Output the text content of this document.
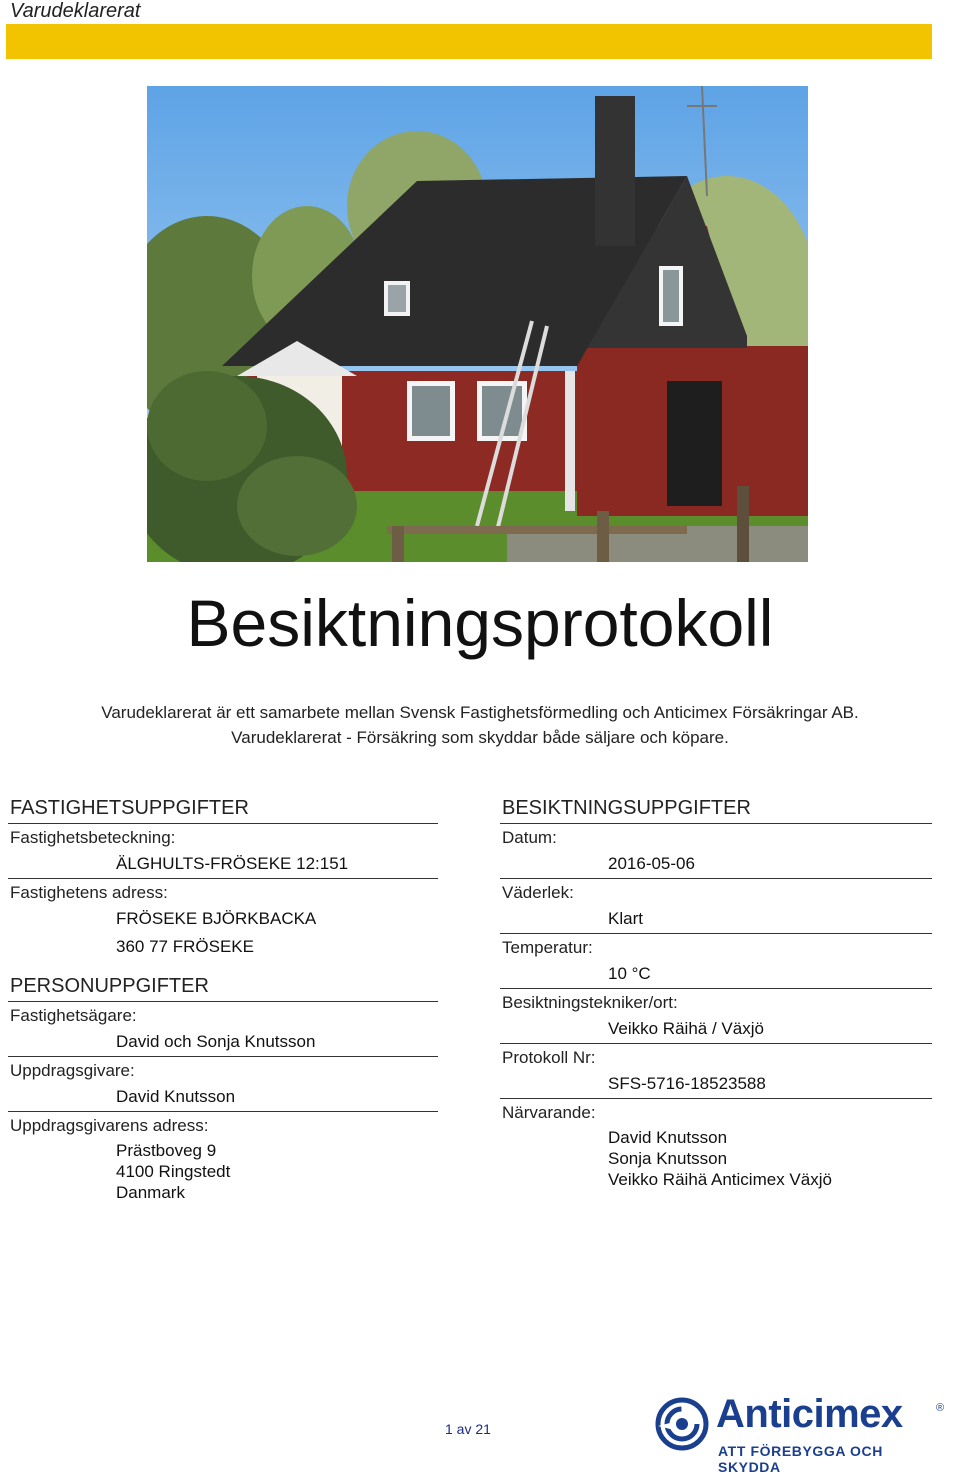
Varudeklarerat
Besiktningsprotokoll
Varudeklarerat är ett samarbete mellan Svensk Fastighetsförmedling och Anticimex Försäkringar AB.
Varudeklarerat - Försäkring som skyddar både säljare och köpare.
FASTIGHETSUPPGIFTER
Fastighetsbeteckning:
ÄLGHULTS-FRÖSEKE 12:151
Fastighetens adress:
FRÖSEKE BJÖRKBACKA
360 77 FRÖSEKE
PERSONUPPGIFTER
Fastighetsägare:
David och Sonja Knutsson
Uppdragsgivare:
David Knutsson
Uppdragsgivarens adress:
Prästboveg 9
4100 Ringstedt
Danmark
BESIKTNINGSUPPGIFTER
Datum:
2016-05-06
Väderlek:
Klart
Temperatur:
10 °C
Besiktningstekniker/ort:
Veikko Räihä / Växjö
Protokoll Nr:
SFS-5716-18523588
Närvarande:
David Knutsson
Sonja Knutsson
Veikko Räihä Anticimex Växjö
1 av 21	Anticimex	®
ATT FÖREBYGGA OCH SKYDDA
